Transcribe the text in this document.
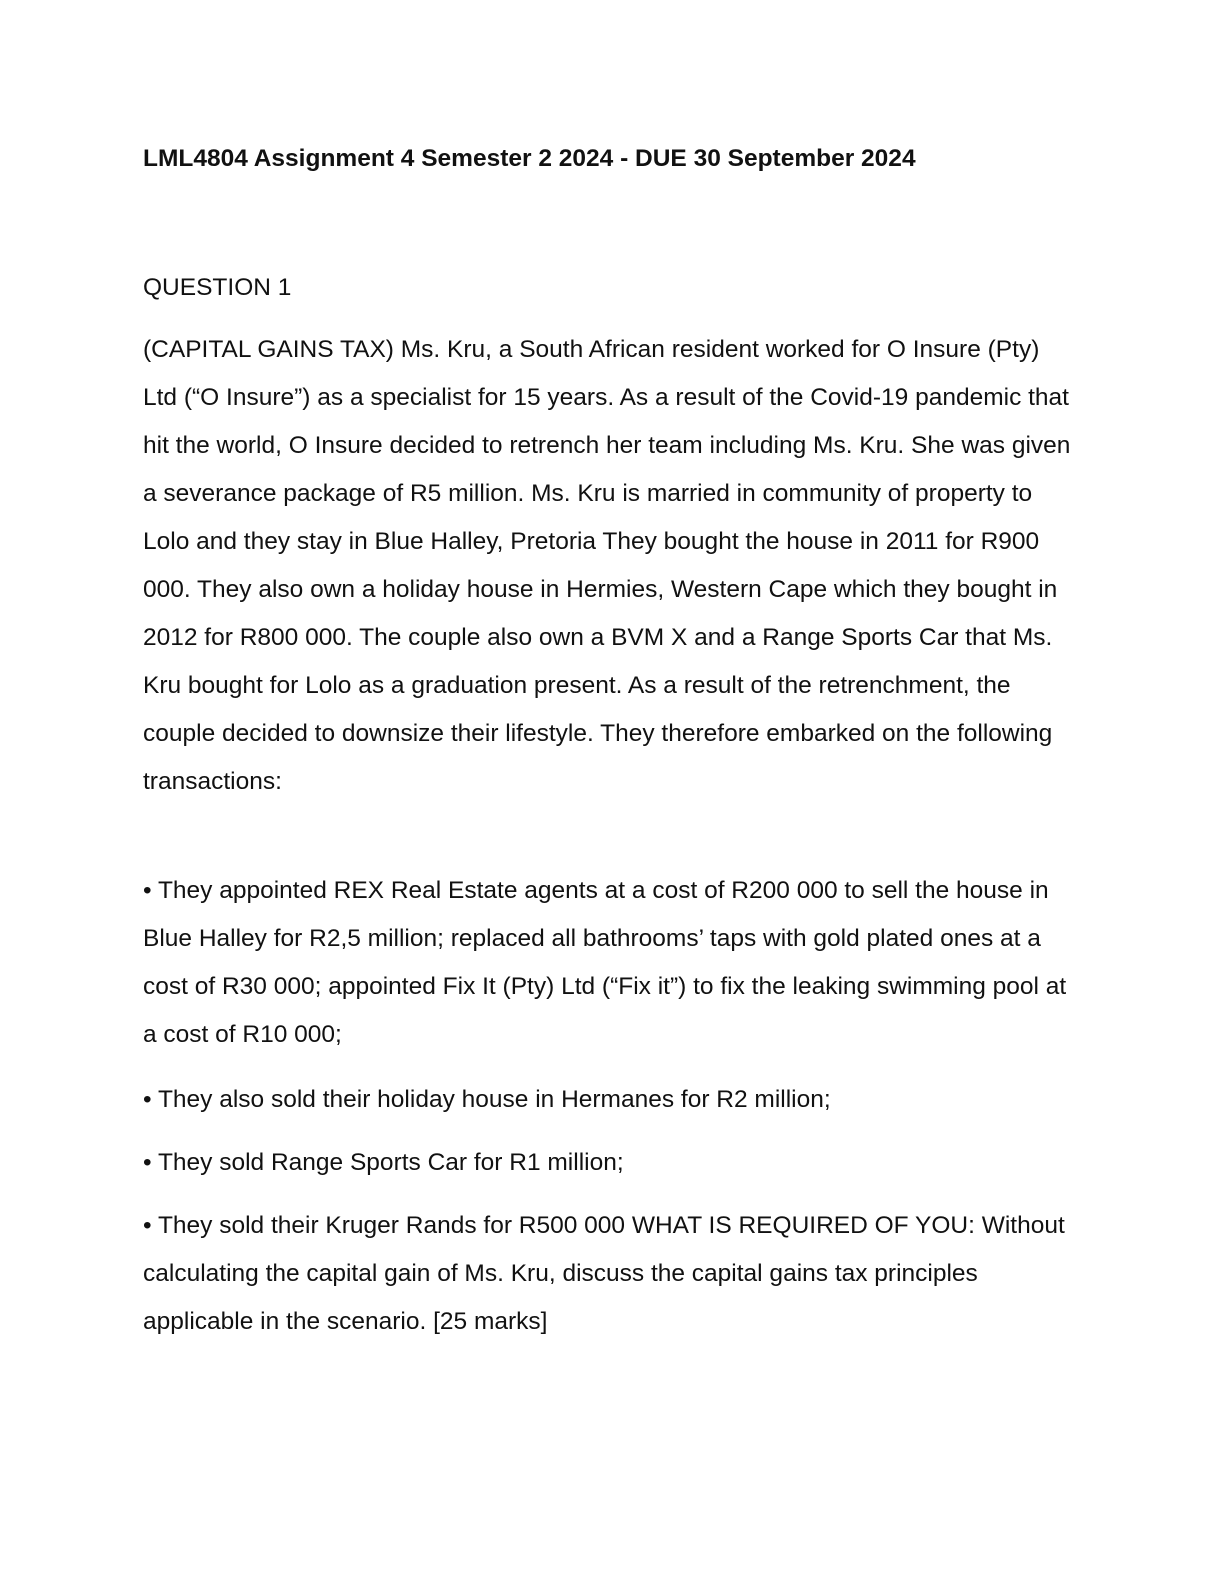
LML4804 Assignment 4 Semester 2 2024 - DUE 30 September 2024

QUESTION 1

(CAPITAL GAINS TAX) Ms. Kru, a South African resident worked for O Insure (Pty) Ltd (“O Insure”) as a specialist for 15 years. As a result of the Covid-19 pandemic that hit the world, O Insure decided to retrench her team including Ms. Kru. She was given a severance package of R5 million. Ms. Kru is married in community of property to Lolo and they stay in Blue Halley, Pretoria They bought the house in 2011 for R900 000. They also own a holiday house in Hermies, Western Cape which they bought in 2012 for R800 000. The couple also own a BVM X and a Range Sports Car that Ms. Kru bought for Lolo as a graduation present. As a result of the retrenchment, the couple decided to downsize their lifestyle. They therefore embarked on the following transactions:

• They appointed REX Real Estate agents at a cost of R200 000 to sell the house in Blue Halley for R2,5 million; replaced all bathrooms’ taps with gold plated ones at a cost of R30 000; appointed Fix It (Pty) Ltd (“Fix it”) to fix the leaking swimming pool at a cost of R10 000;

• They also sold their holiday house in Hermanes for R2 million;

• They sold Range Sports Car for R1 million;

• They sold their Kruger Rands for R500 000 WHAT IS REQUIRED OF YOU: Without calculating the capital gain of Ms. Kru, discuss the capital gains tax principles applicable in the scenario. [25 marks]
